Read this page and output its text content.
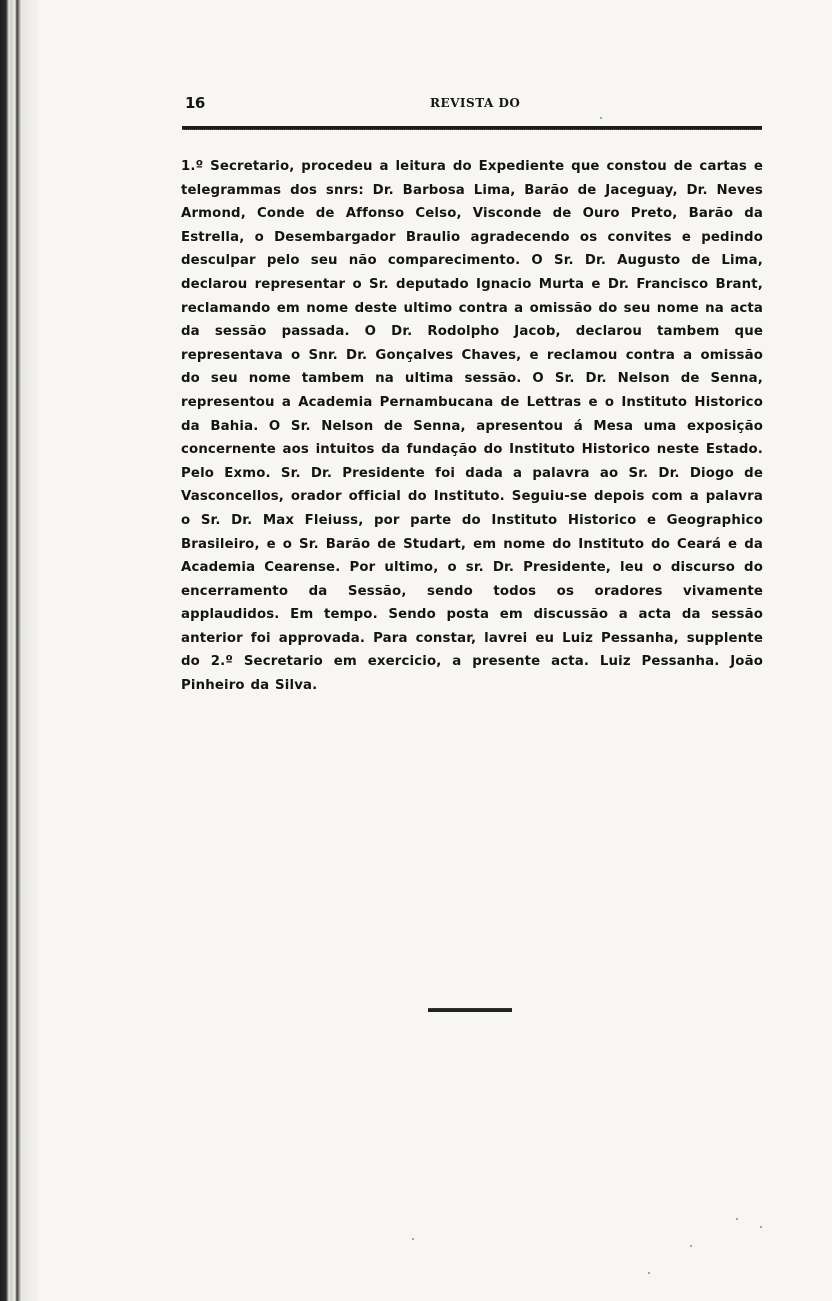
16	REVISTA DO
1.º Secretario, procedeu a leitura do Expediente que constou de cartas e telegrammas dos snrs: Dr. Barbosa Lima, Barão de Jaceguay, Dr. Neves Armond, Conde de Affonso Celso, Visconde de Ouro Preto, Barão da Estrella, o Desembargador Braulio agradecendo os convites e pedindo desculpar pelo seu não comparecimento. O Sr. Dr. Augusto de Lima, declarou representar o Sr. deputado Ignacio Murta e Dr. Francisco Brant, reclamando em nome deste ultimo contra a omissão do seu nome na acta da sessão passada. O Dr. Rodolpho Jacob, declarou tambem que representava o Snr. Dr. Gonçalves Chaves, e reclamou contra a omissão do seu nome tambem na ultima sessão. O Sr. Dr. Nelson de Senna, representou a Academia Pernambucana de Lettras e o Instituto Historico da Bahia. O Sr. Nelson de Senna, apresentou á Mesa uma exposição concernente aos intuitos da fundação do Instituto Historico neste Estado. Pelo Exmo. Sr. Dr. Presidente foi dada a palavra ao Sr. Dr. Diogo de Vasconcellos, orador official do Instituto. Seguiu-se depois com a palavra o Sr. Dr. Max Fleiuss, por parte do Instituto Historico e Geographico Brasileiro, e o Sr. Barão de Studart, em nome do Instituto do Ceará e da Academia Cearense. Por ultimo, o sr. Dr. Presidente, leu o discurso do encerramento da Sessão, sendo todos os oradores vivamente applaudidos. Em tempo. Sendo posta em discussão a acta da sessão anterior foi approvada. Para constar, lavrei eu Luiz Pessanha, supplente do 2.º Secretario em exercicio, a presente acta. Luiz Pessanha. João Pinheiro da Silva.
